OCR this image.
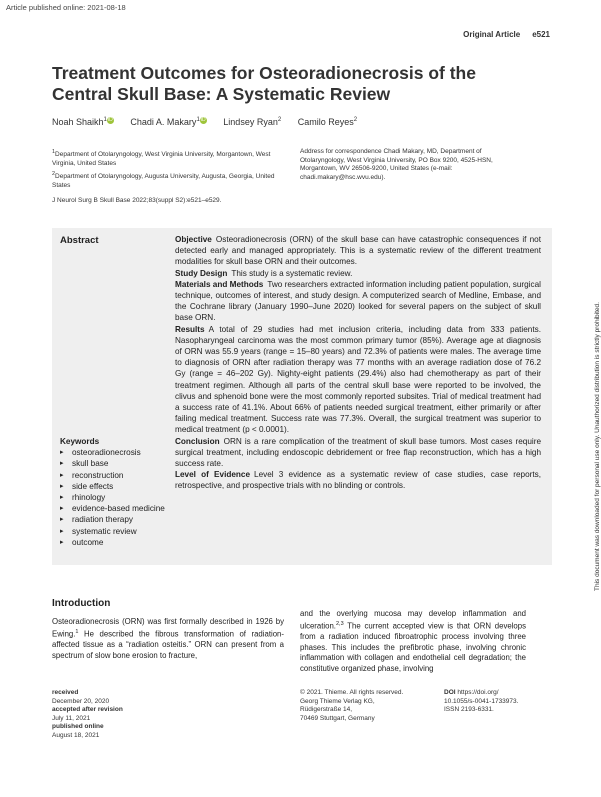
Article published online: 2021-08-18
Original Article e521
Treatment Outcomes for Osteoradionecrosis of the Central Skull Base: A Systematic Review
Noah Shaikh$^1$iD Chadi A. Makary$^1$iD Lindsey Ryan$^2$ Camilo Reyes$^2$
$^1$Department of Otolaryngology, West Virginia University, Morgantown, West Virginia, United States
$^2$Department of Otolaryngology, Augusta University, Augusta, Georgia, United States
Address for correspondence Chadi Makary, MD, Department of Otolaryngology, West Virginia University, PO Box 9200, 4525-HSN, Morgantown, WV 26506-9200, United States (e-mail: chadi.makary@hsc.wvu.edu).
J Neurol Surg B Skull Base 2022;83(suppl S2):e521–e529.
Abstract	Objective Osteoradionecrosis (ORN) of the skull base can have catastrophic consequences if not detected early and managed appropriately. This is a systematic review of the different treatment modalities for skull base ORN and their outcomes.

Study Design This study is a systematic review.

Materials and Methods Two researchers extracted information including patient population, surgical technique, outcomes of interest, and study design. A computerized search of Medline, Embase, and the Cochrane library (January 1990–June 2020) looked for several papers on the subject of skull base ORN.

Results A total of 29 studies had met inclusion criteria, including data from 333 patients. Nasopharyngeal carcinoma was the most common primary tumor (85%). Average age at diagnosis of ORN was 55.9 years (range = 15–80 years) and 72.3% of patients were males. The average time to diagnosis of ORN after radiation therapy was 77 months with an average radiation dose of 76.2 Gy (range = 46–202 Gy). Nighty-eight patients (29.4%) also had chemotherapy as part of their treatment regimen. Although all parts of the central skull base were reported to be involved, the clivus and sphenoid bone were the most commonly reported subsites. Trial of medical treatment had a success rate of 41.1%. About 66% of patients needed surgical treatment, either primarily or after failing medical treatment. Success rate was 77.3%. Overall, the surgical treatment was superior to medical treatment (p < 0.0001).

Conclusion ORN is a rare complication of the treatment of skull base tumors. Most cases require surgical treatment, including endoscopic debridement or free flap reconstruction, which has a high success rate.

Level of Evidence Level 3 evidence as a systematic review of case studies, case reports, retrospective, and prospective trials with no blinding or controls.

Keywords
▸ osteoradionecrosis
▸ skull base
▸ reconstruction
▸ side effects
▸ rhinology
▸ evidence-based medicine
▸ radiation therapy
▸ systematic review
▸ outcome	This document was downloaded for personal use only. Unauthorized distribution is strictly prohibited.
Introduction
Osteoradionecrosis (ORN) was first formally described in 1926 by Ewing.$^1$ He described the fibrous transformation of radiation-affected tissue as a “radiation osteitis.” ORN can present from a spectrum of slow bone erosion to fracture,
and the overlying mucosa may develop inflammation and ulceration.$^{2,3}$ The current accepted view is that ORN develops from a radiation induced fibroatrophic process involving three phases. This includes the prefibrotic phase, involving chronic inflammation with collagen and endothelial cell degradation; the constitutive organized phase, involving
received
December 20, 2020
accepted after revision
July 11, 2021
published online
August 18, 2021
© 2021. Thieme. All rights reserved.
Georg Thieme Verlag KG,
Rüdigerstraße 14,
70469 Stuttgart, Germany
DOI https://doi.org/
10.1055/s-0041-1733973.
ISSN 2193-6331.
